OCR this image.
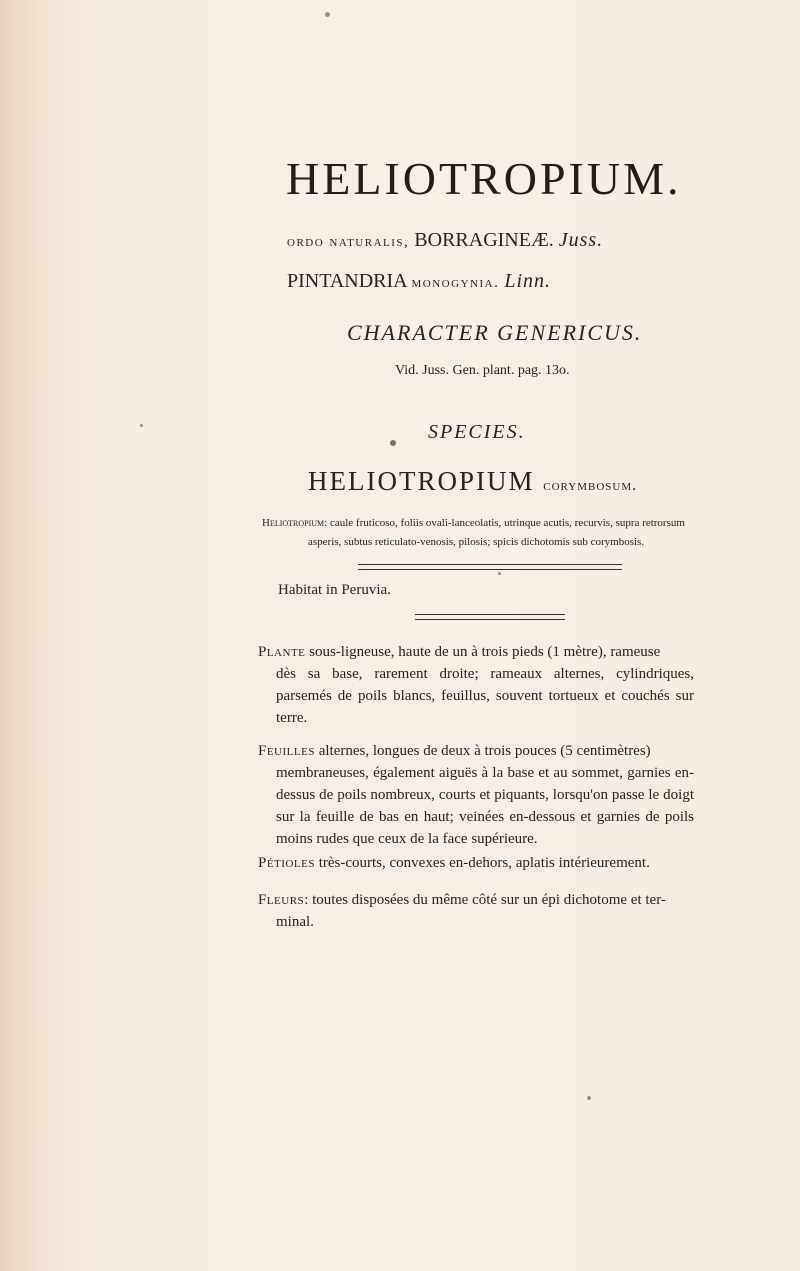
HELIOTROPIUM.
ordo naturalis, BORRAGINEÆ. Juss.
PINTANDRIA monogynia. Linn.
CHARACTER GENERICUS.
Vid. Juss. Gen. plant. pag. 13o.
SPECIES.
HELIOTROPIUM corymbosum.
Heliotropium: caule fruticoso, foliis ovali-lanceolatis, utrinque acutis, recurvis, supra retrorsum
asperis, subtus reticulato-venosis, pilosis; spicis dichotomis sub corymbosis.
Habitat in Peruvia.
Plante sous-ligneuse, haute de un à trois pieds (1 mètre), rameuse
dès sa base, rarement droite; rameaux alternes, cylindriques, parsemés de poils blancs, feuillus, souvent tortueux et couchés sur terre.
Feuilles alternes, longues de deux à trois pouces (5 centimètres)
membraneuses, également aiguës à la base et au sommet, garnies en-dessus de poils nombreux, courts et piquants, lorsqu'on passe le doigt sur la feuille de bas en haut; veinées en-dessous et garnies de poils moins rudes que ceux de la face supérieure.
Pétioles très-courts, convexes en-dehors, aplatis intérieurement.
Fleurs: toutes disposées du même côté sur un épi dichotome et ter-
minal.
